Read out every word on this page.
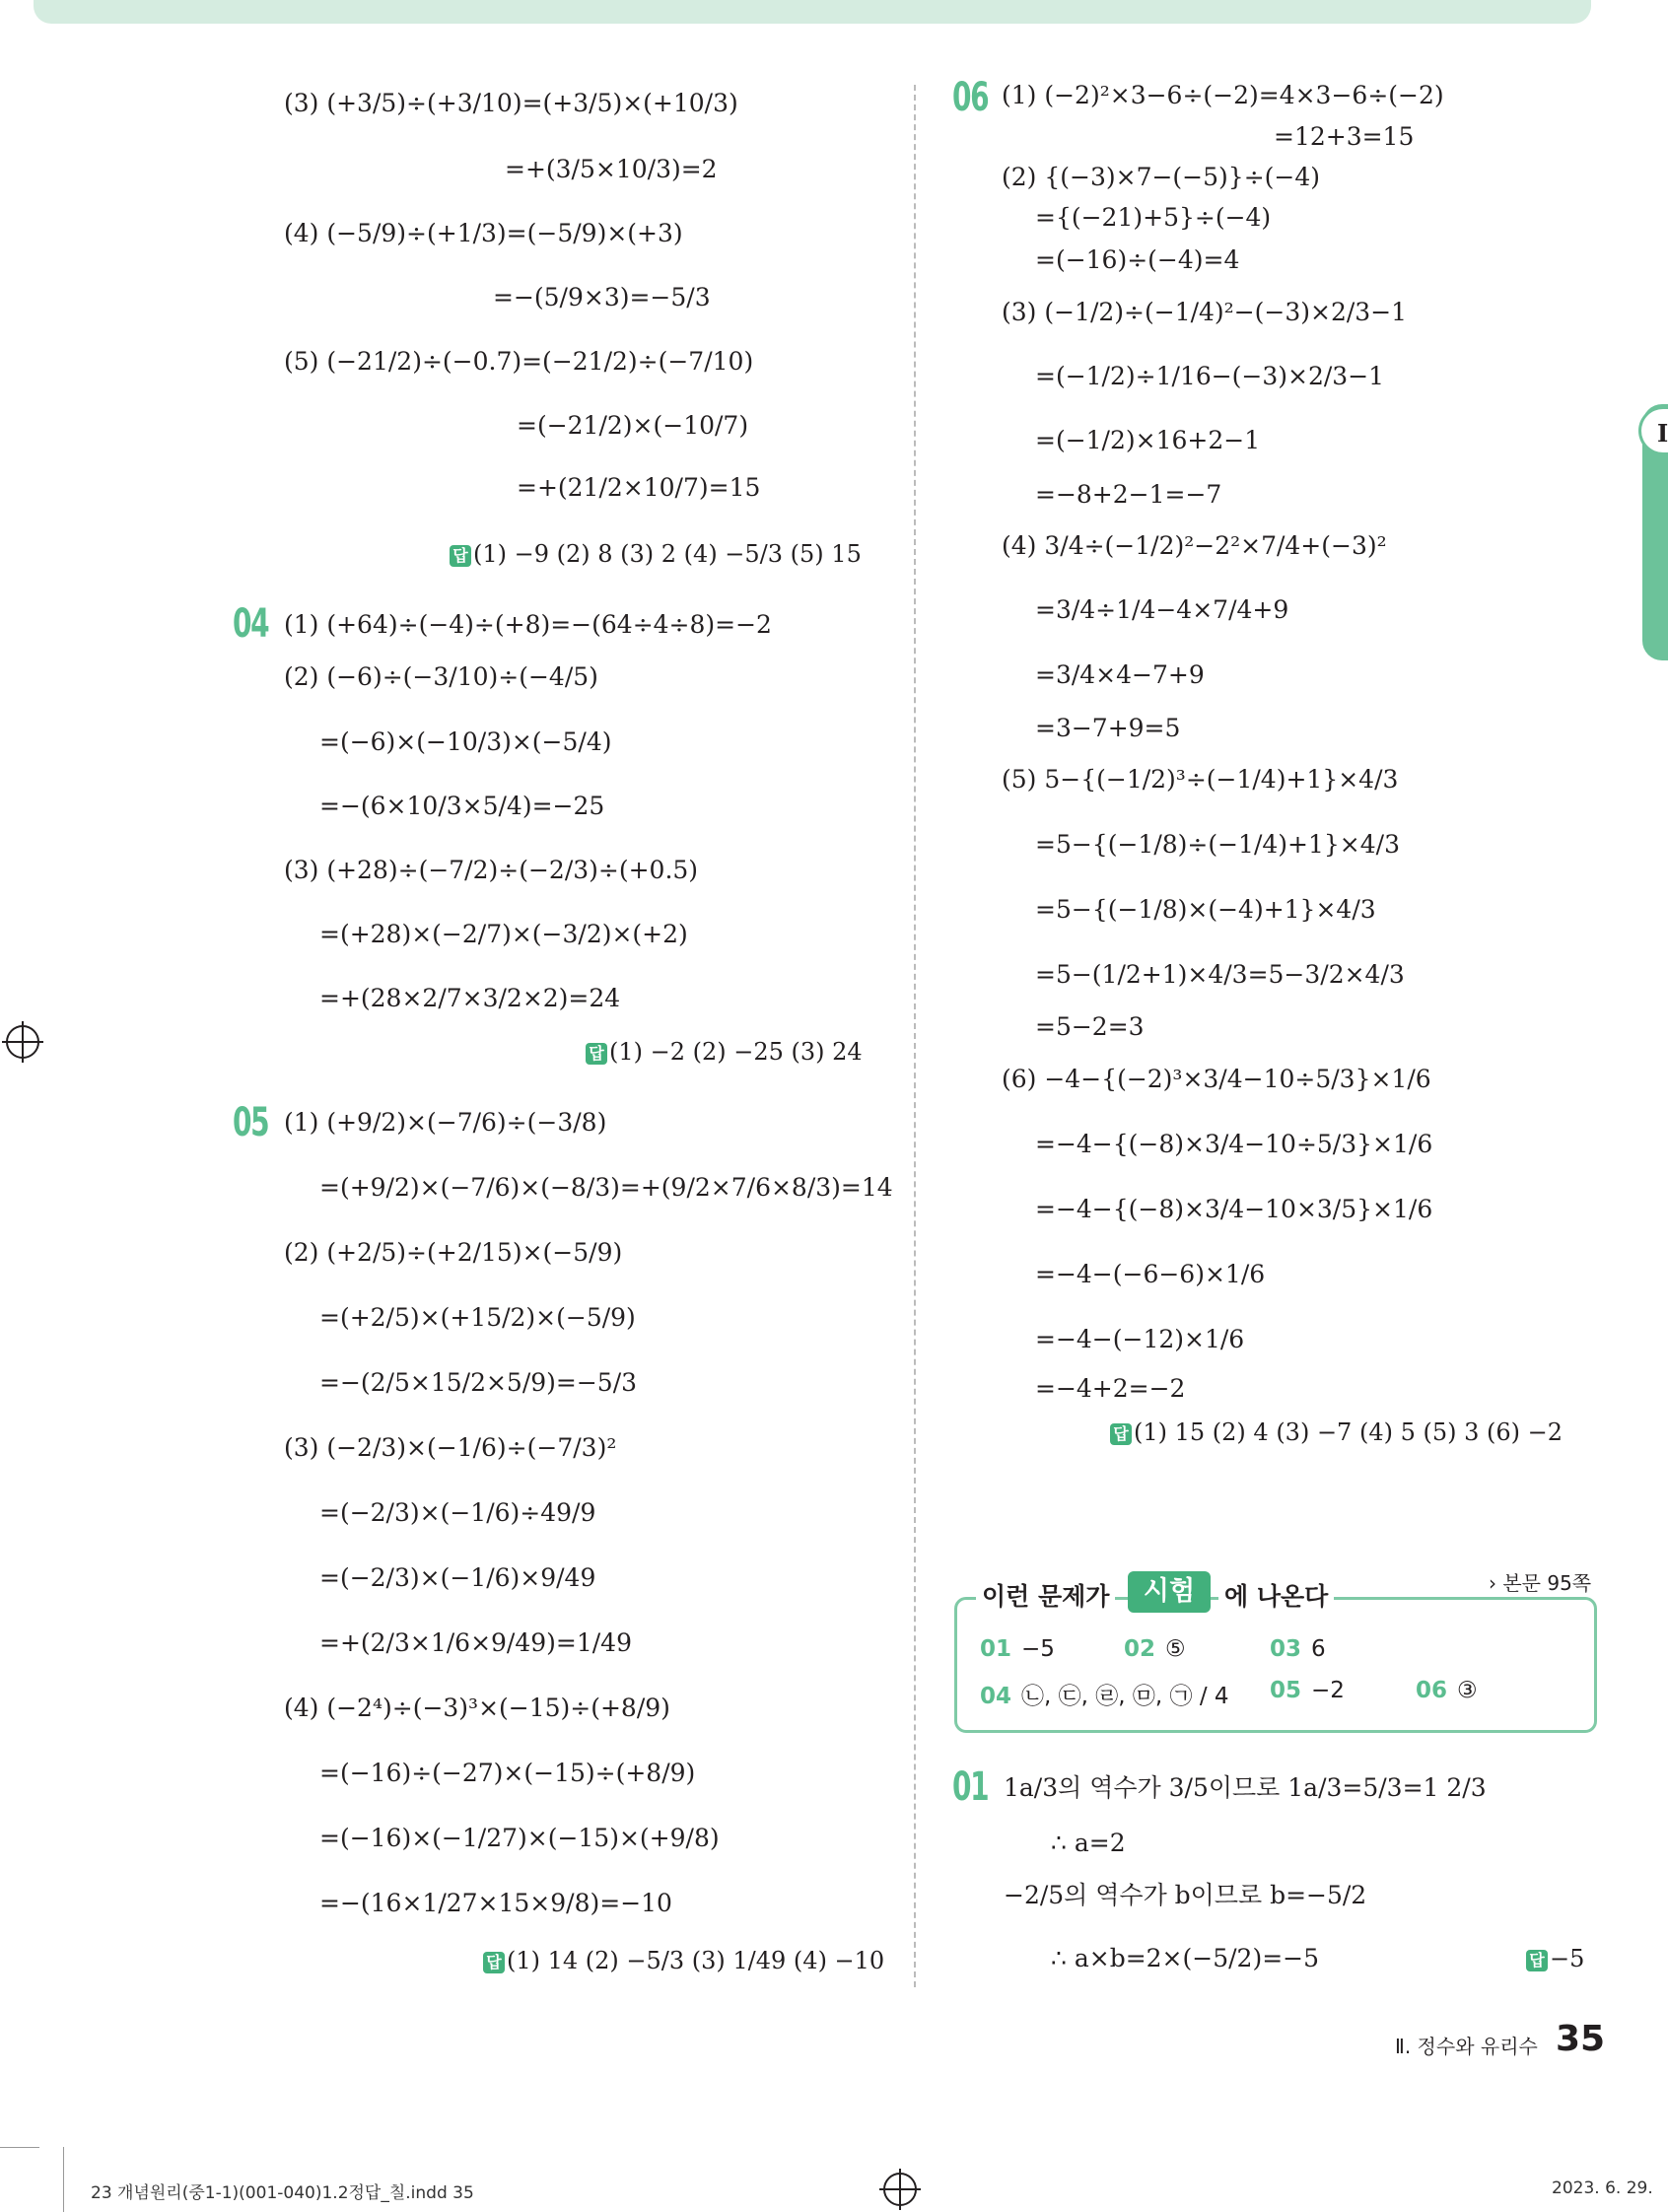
I
(3) (+3/5)÷(+3/10)=(+3/5)×(+10/3)
=+(3/5×10/3)=2
(4) (−5/9)÷(+1/3)=(−5/9)×(+3)
=−(5/9×3)=−5/3
(5) (−21/2)÷(−0.7)=(−21/2)÷(−7/10)
=(−21/2)×(−10/7)
=+(21/2×10/7)=15
답 (1) −9 (2) 8 (3) 2 (4) −5/3 (5) 15
04 (1) (+64)÷(−4)÷(+8)=−(64÷4÷8)=−2
(2) (−6)÷(−3/10)÷(−4/5)
=(−6)×(−10/3)×(−5/4)
=−(6×10/3×5/4)=−25
(3) (+28)÷(−7/2)÷(−2/3)÷(+0.5)
=(+28)×(−2/7)×(−3/2)×(+2)
=+(28×2/7×3/2×2)=24
답 (1) −2 (2) −25 (3) 24
05 (1) (+9/2)×(−7/6)÷(−3/8)
=(+9/2)×(−7/6)×(−8/3)=+(9/2×7/6×8/3)=14
(2) (+2/5)÷(+2/15)×(−5/9)
=(+2/5)×(+15/2)×(−5/9)
=−(2/5×15/2×5/9)=−5/3
(3) (−2/3)×(−1/6)÷(−7/3)²
=(−2/3)×(−1/6)÷49/9
=(−2/3)×(−1/6)×9/49
=+(2/3×1/6×9/49)=1/49
(4) (−2⁴)÷(−3)³×(−15)÷(+8/9)
=(−16)÷(−27)×(−15)÷(+8/9)
=(−16)×(−1/27)×(−15)×(+9/8)
=−(16×1/27×15×9/8)=−10
답 (1) 14 (2) −5/3 (3) 1/49 (4) −10
06 (1) (−2)²×3−6÷(−2)=4×3−6÷(−2)
=12+3=15
(2) {(−3)×7−(−5)}÷(−4)
={(−21)+5}÷(−4)
=(−16)÷(−4)=4
(3) (−1/2)÷(−1/4)²−(−3)×2/3−1
=(−1/2)÷1/16−(−3)×2/3−1
=(−1/2)×16+2−1
=−8+2−1=−7
(4) 3/4÷(−1/2)²−2²×7/4+(−3)²
=3/4÷1/4−4×7/4+9
=3/4×4−7+9
=3−7+9=5
(5) 5−{(−1/2)³÷(−1/4)+1}×4/3
=5−{(−1/8)÷(−1/4)+1}×4/3
=5−{(−1/8)×(−4)+1}×4/3
=5−(1/2+1)×4/3=5−3/2×4/3
=5−2=3
(6) −4−{(−2)³×3/4−10÷5/3}×1/6
=−4−{(−8)×3/4−10÷5/3}×1/6
=−4−{(−8)×3/4−10×3/5}×1/6
=−4−(−6−6)×1/6
=−4−(−12)×1/6
=−4+2=−2
답 (1) 15 (2) 4 (3) −7 (4) 5 (5) 3 (6) −2
이런 문제가	시험	에 나온다	› 본문 95쪽
01 −5	02 ⑤	03 6
04 ㉡, ㉢, ㉣, ㉤, ㉠ / 4 05 −2	06 ③
01 1a/3의 역수가 3/5이므로 1a/3=5/3=1 2/3
∴ a=2
−2/5의 역수가 b이므로 b=−5/2
∴ a×b=2×(−5/2)=−5	답 −5
Ⅱ. 정수와 유리수 35
23 개념원리(중1-1)(001-040)1.2정답_칠.indd 35	2023. 6. 29.
